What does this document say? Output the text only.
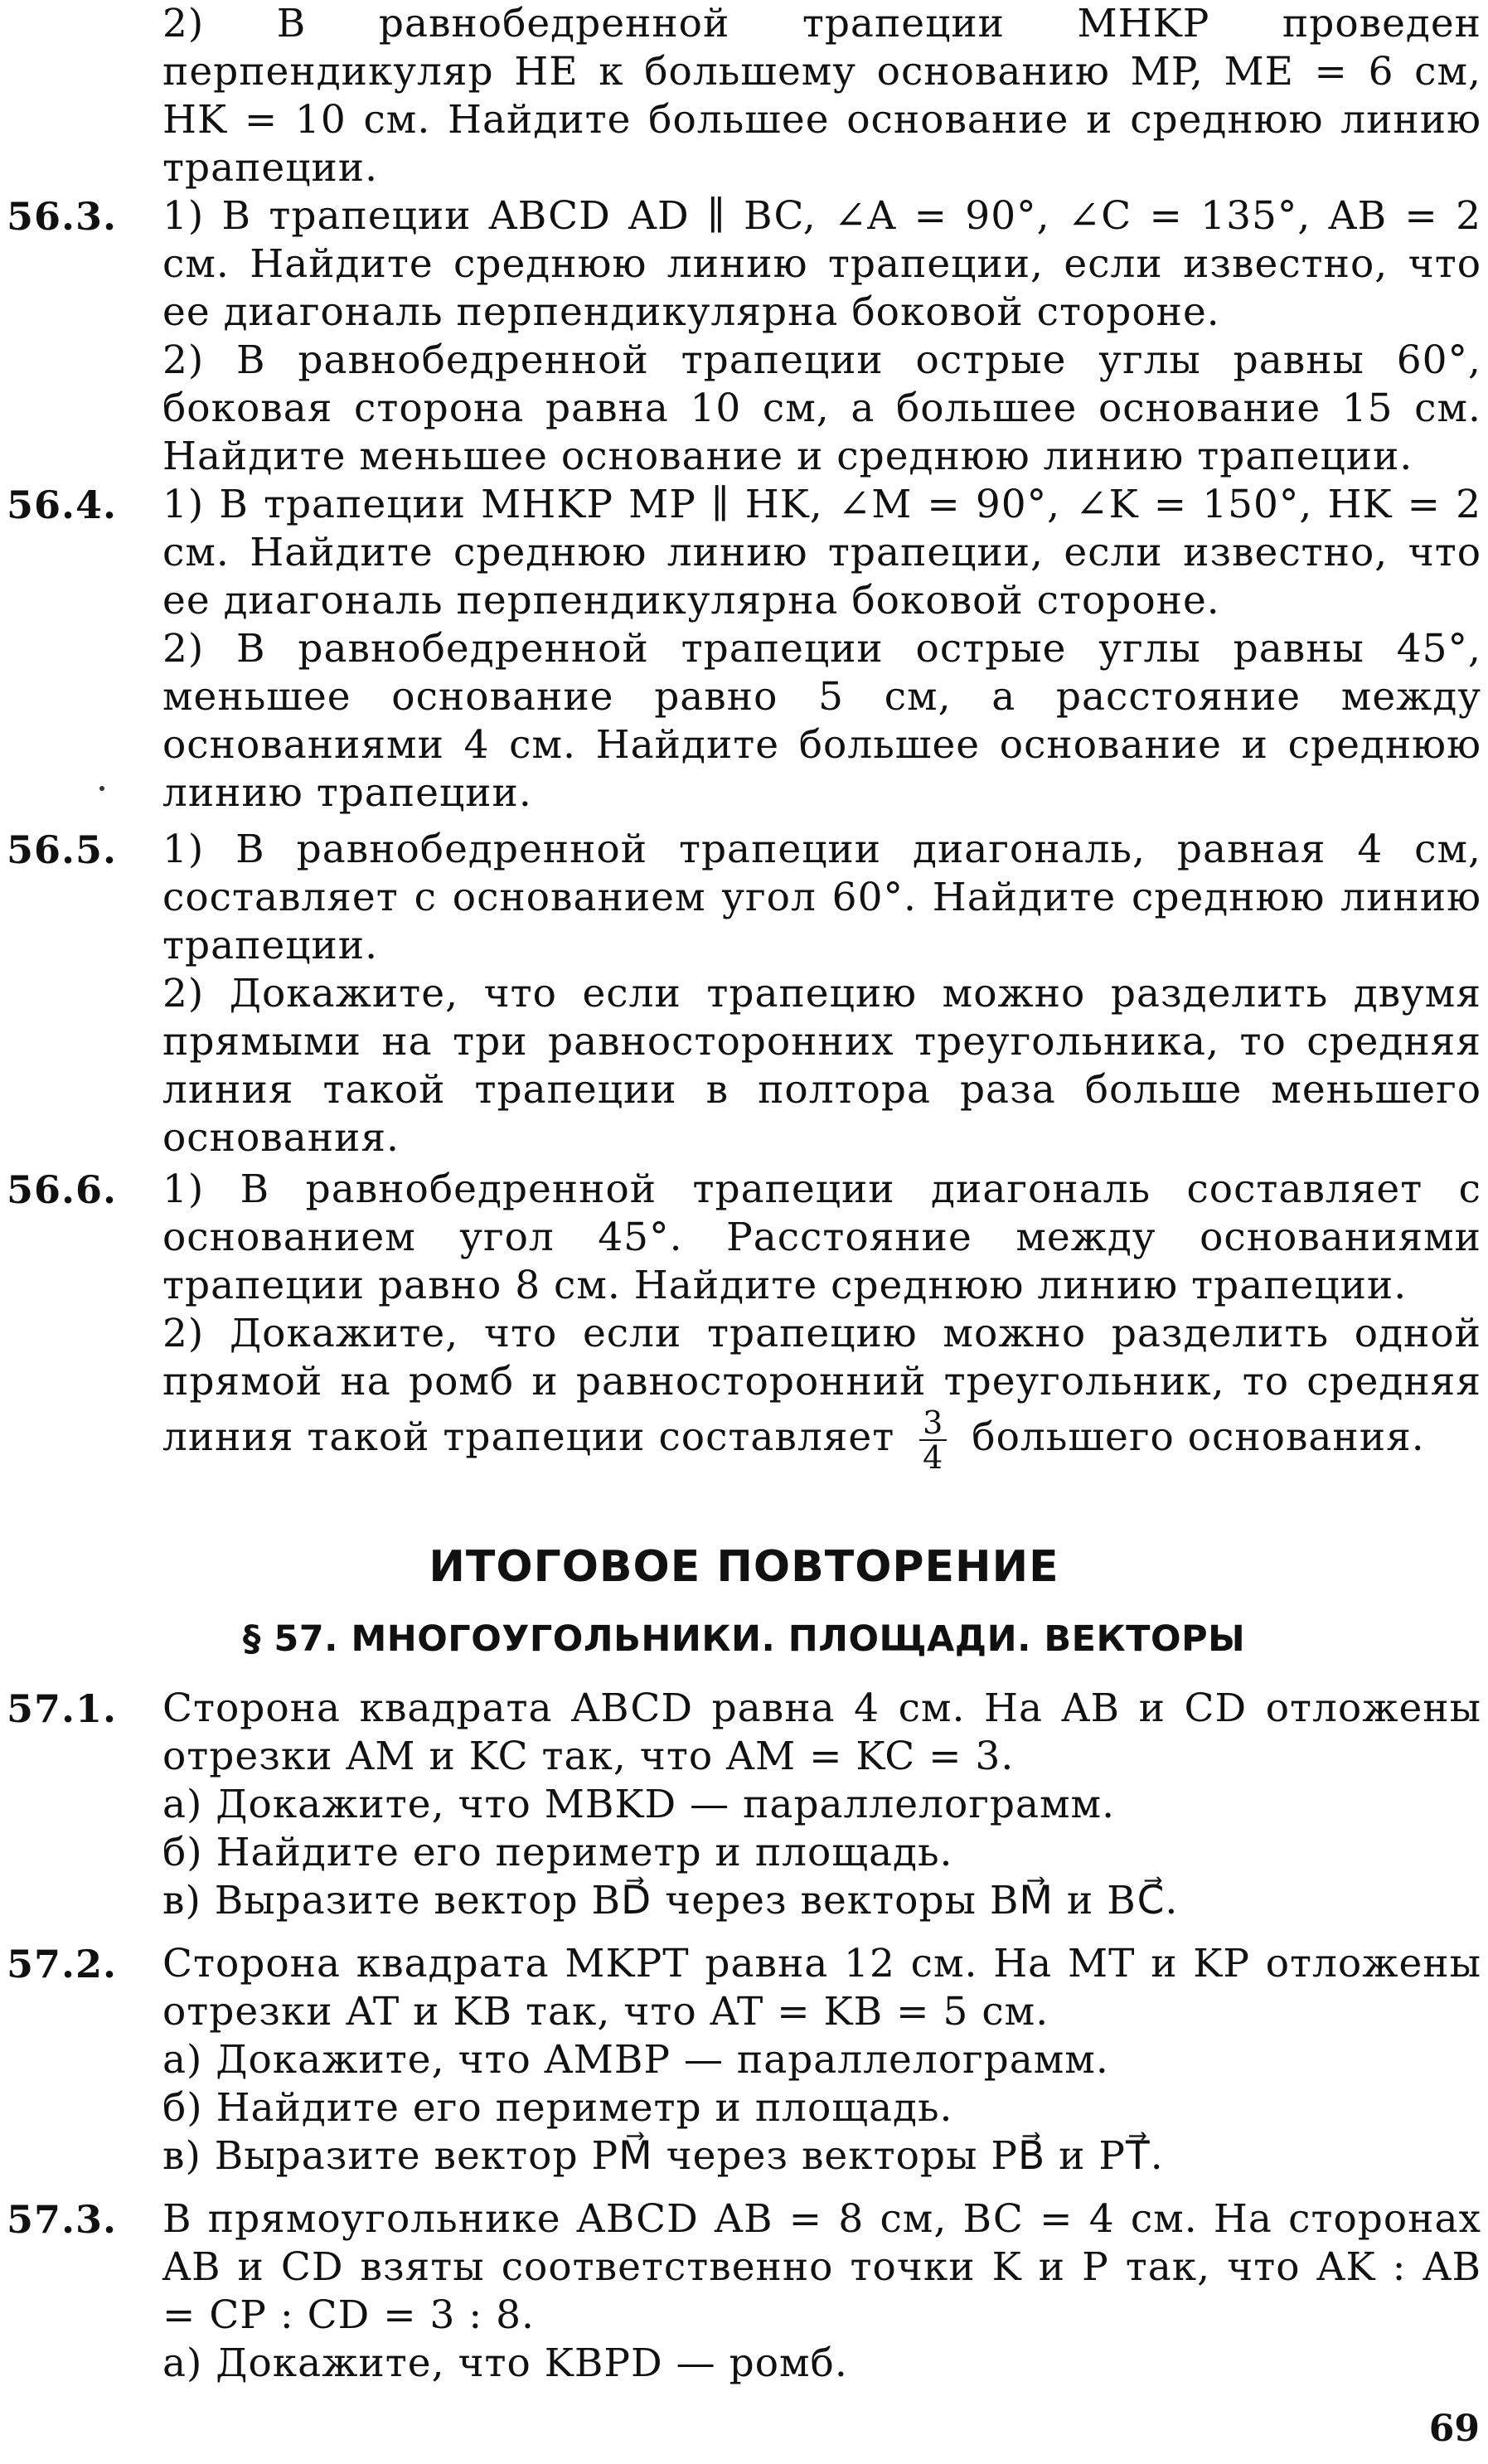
2) В равнобедренной трапеции MHKP проведен перпендикуляр HE к большему основанию MP, ME = 6 см, HK = 10 см. Найдите большее основание и среднюю линию трапеции.
56.3. 1) В трапеции ABCD AD ∥ BC, ∠A = 90°, ∠C = 135°, AB = 2 см. Найдите среднюю линию трапеции, если известно, что ее диагональ перпендикулярна боковой стороне.
2) В равнобедренной трапеции острые углы равны 60°, боковая сторона равна 10 см, а большее основание 15 см. Найдите меньшее основание и среднюю линию трапеции.
56.4. 1) В трапеции MHKP MP ∥ HK, ∠M = 90°, ∠K = 150°, HK = 2 см. Найдите среднюю линию трапеции, если известно, что ее диагональ перпендикулярна боковой стороне.
2) В равнобедренной трапеции острые углы равны 45°, меньшее основание равно 5 см, а расстояние между основаниями 4 см. Найдите большее основание и среднюю линию трапеции.
56.5. 1) В равнобедренной трапеции диагональ, равная 4 см, составляет с основанием угол 60°. Найдите среднюю линию трапеции.
2) Докажите, что если трапецию можно разделить двумя прямыми на три равносторонних треугольника, то средняя линия такой трапеции в полтора раза больше меньшего основания.
56.6. 1) В равнобедренной трапеции диагональ составляет с основанием угол 45°. Расстояние между основаниями трапеции равно 8 см. Найдите среднюю линию трапеции.
2) Докажите, что если трапецию можно разделить одной прямой на ромб и равносторонний треугольник, то средняя линия такой трапеции составляет $\frac{3}{4}$ большего основания.
ИТОГОВОЕ ПОВТОРЕНИЕ
§ 57. МНОГОУГОЛЬНИКИ. ПЛОЩАДИ. ВЕКТОРЫ
57.1. Сторона квадрата ABCD равна 4 см. На AB и CD отложены отрезки AM и KC так, что AM = KC = 3.
а) Докажите, что MBKD — параллелограмм.
б) Найдите его периметр и площадь.
в) Выразите вектор BD⃗ через векторы BM⃗ и BC⃗.
57.2. Сторона квадрата MKPT равна 12 см. На MT и KP отложены отрезки AT и KB так, что AT = KB = 5 см.
а) Докажите, что AMBP — параллелограмм.
б) Найдите его периметр и площадь.
в) Выразите вектор PM⃗ через векторы PB⃗ и PT⃗.
57.3. В прямоугольнике ABCD AB = 8 см, BC = 4 см. На сторонах AB и CD взяты соответственно точки K и P так, что AK : AB = CP : CD = 3 : 8.
а) Докажите, что KBPD — ромб.
69
